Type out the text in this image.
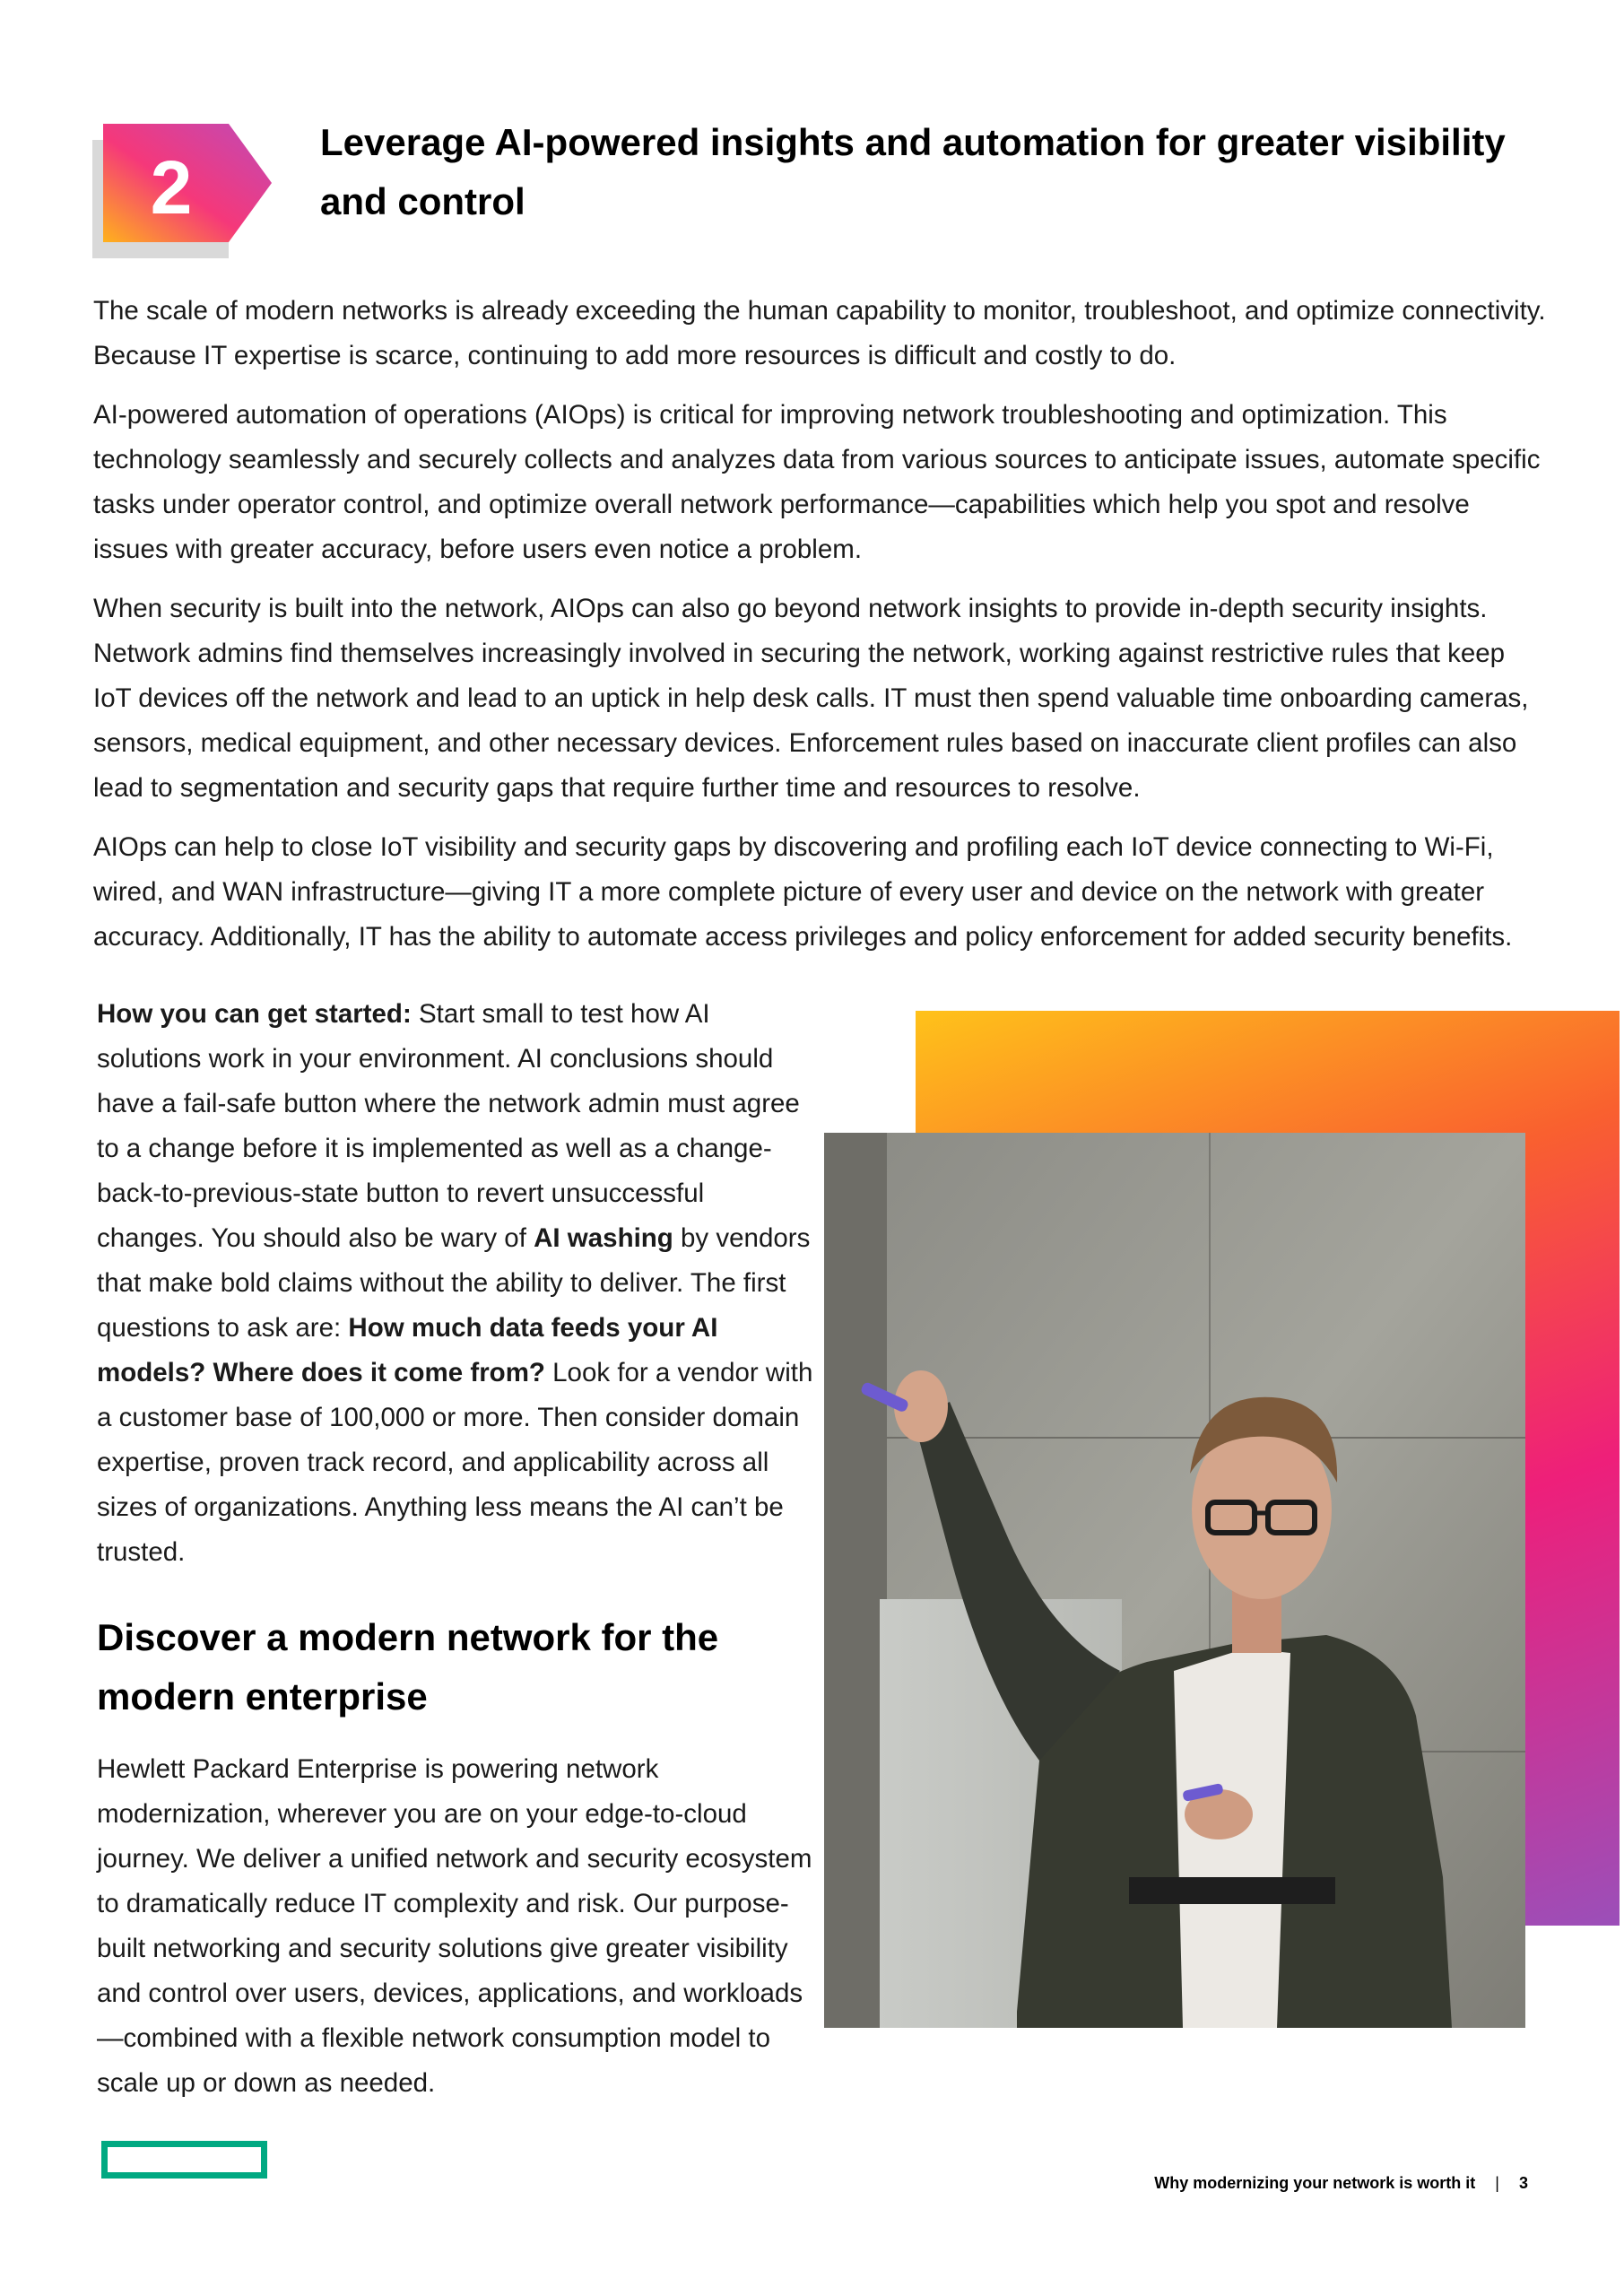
2
Leverage AI-powered insights and automation for greater visibility and control

The scale of modern networks is already exceeding the human capability to monitor, troubleshoot, and optimize connectivity. Because IT expertise is scarce, continuing to add more resources is difficult and costly to do.

AI-powered automation of operations (AIOps) is critical for improving network troubleshooting and optimization. This technology seamlessly and securely collects and analyzes data from various sources to anticipate issues, automate specific tasks under operator control, and optimize overall network performance—capabilities which help you spot and resolve issues with greater accuracy, before users even notice a problem.

When security is built into the network, AIOps can also go beyond network insights to provide in-depth security insights. Network admins find themselves increasingly involved in securing the network, working against restrictive rules that keep IoT devices off the network and lead to an uptick in help desk calls. IT must then spend valuable time onboarding cameras, sensors, medical equipment, and other necessary devices. Enforcement rules based on inaccurate client profiles can also lead to segmentation and security gaps that require further time and resources to resolve.

AIOps can help to close IoT visibility and security gaps by discovering and profiling each IoT device connecting to Wi-Fi, wired, and WAN infrastructure—giving IT a more complete picture of every user and device on the network with greater accuracy. Additionally, IT has the ability to automate access privileges and policy enforcement for added security benefits.

How you can get started: Start small to test how AI solutions work in your environment. AI conclusions should have a fail-safe button where the network admin must agree to a change before it is implemented as well as a change-back-to-previous-state button to revert unsuccessful changes. You should also be wary of AI washing by vendors that make bold claims without the ability to deliver. The first questions to ask are: How much data feeds your AI models? Where does it come from? Look for a vendor with a customer base of 100,000 or more. Then consider domain expertise, proven track record, and applicability across all sizes of organizations. Anything less means the AI can’t be trusted.

Discover a modern network for the modern enterprise

Hewlett Packard Enterprise is powering network modernization, wherever you are on your edge-to-cloud journey. We deliver a unified network and security ecosystem to dramatically reduce IT complexity and risk. Our purpose-built networking and security solutions give greater visibility and control over users, devices, applications, and workloads—combined with a flexible network consumption model to scale up or down as needed.

Why modernizing your network is worth it | 3
